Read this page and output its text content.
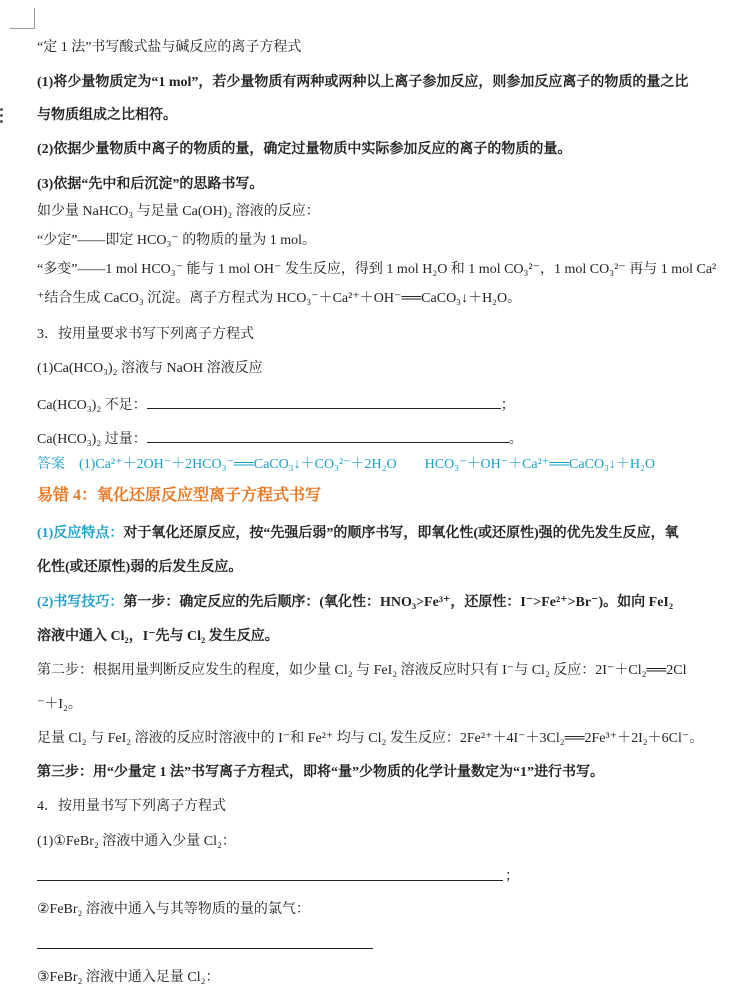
“定 1 法”书写酸式盐与碱反应的离子方程式
(1)将少量物质定为“1 mol”，若少量物质有两种或两种以上离子参加反应，则参加反应离子的物质的量之比
与物质组成之比相符。
(2)依据少量物质中离子的物质的量，确定过量物质中实际参加反应的离子的物质的量。
(3)依据“先中和后沉淀”的思路书写。
如少量 NaHCO₃ 与足量 Ca(OH)₂ 溶液的反应：
“少定”——即定 HCO₃⁻ 的物质的量为 1 mol。
“多变”——1 mol HCO₃⁻ 能与 1 mol OH⁻ 发生反应，得到 1 mol H₂O 和 1 mol CO₃²⁻，1 mol CO₃²⁻ 再与 1 mol Ca²
⁺结合生成 CaCO₃ 沉淀。离子方程式为 HCO₃⁻＋Ca²⁺＋OH⁻══CaCO₃↓＋H₂O。
3．按用量要求书写下列离子方程式
(1)Ca(HCO₃)₂ 溶液与 NaOH 溶液反应
Ca(HCO₃)₂ 不足：	；
Ca(HCO₃)₂ 过量：	。
答案　(1)Ca²⁺＋2OH⁻＋2HCO₃⁻══CaCO₃↓＋CO₃²⁻＋2H₂O　　HCO₃⁻＋OH⁻＋Ca²⁺══CaCO₃↓＋H₂O
易错 4：氧化还原反应型离子方程式书写
(1)反应特点：对于氧化还原反应，按“先强后弱”的顺序书写，即氧化性(或还原性)强的优先发生反应，氧
化性(或还原性)弱的后发生反应。
(2)书写技巧：第一步：确定反应的先后顺序：(氧化性：HNO₃>Fe³⁺，还原性：I⁻>Fe²⁺>Br⁻)。如向 FeI₂
溶液中通入 Cl₂，I⁻先与 Cl₂ 发生反应。
第二步：根据用量判断反应发生的程度，如少量 Cl₂ 与 FeI₂ 溶液反应时只有 I⁻与 Cl₂ 反应：2I⁻＋Cl₂══2Cl
⁻＋I₂。
足量 Cl₂ 与 FeI₂ 溶液的反应时溶液中的 I⁻和 Fe²⁺ 均与 Cl₂ 发生反应：2Fe²⁺＋4I⁻＋3Cl₂══2Fe³⁺＋2I₂＋6Cl⁻。
第三步：用“少量定 1 法”书写离子方程式，即将“量”少物质的化学计量数定为“1”进行书写。
4．按用量书写下列离子方程式
(1)①FeBr₂ 溶液中通入少量 Cl₂：
；
②FeBr₂ 溶液中通入与其等物质的量的氯气：
③FeBr₂ 溶液中通入足量 Cl₂：
